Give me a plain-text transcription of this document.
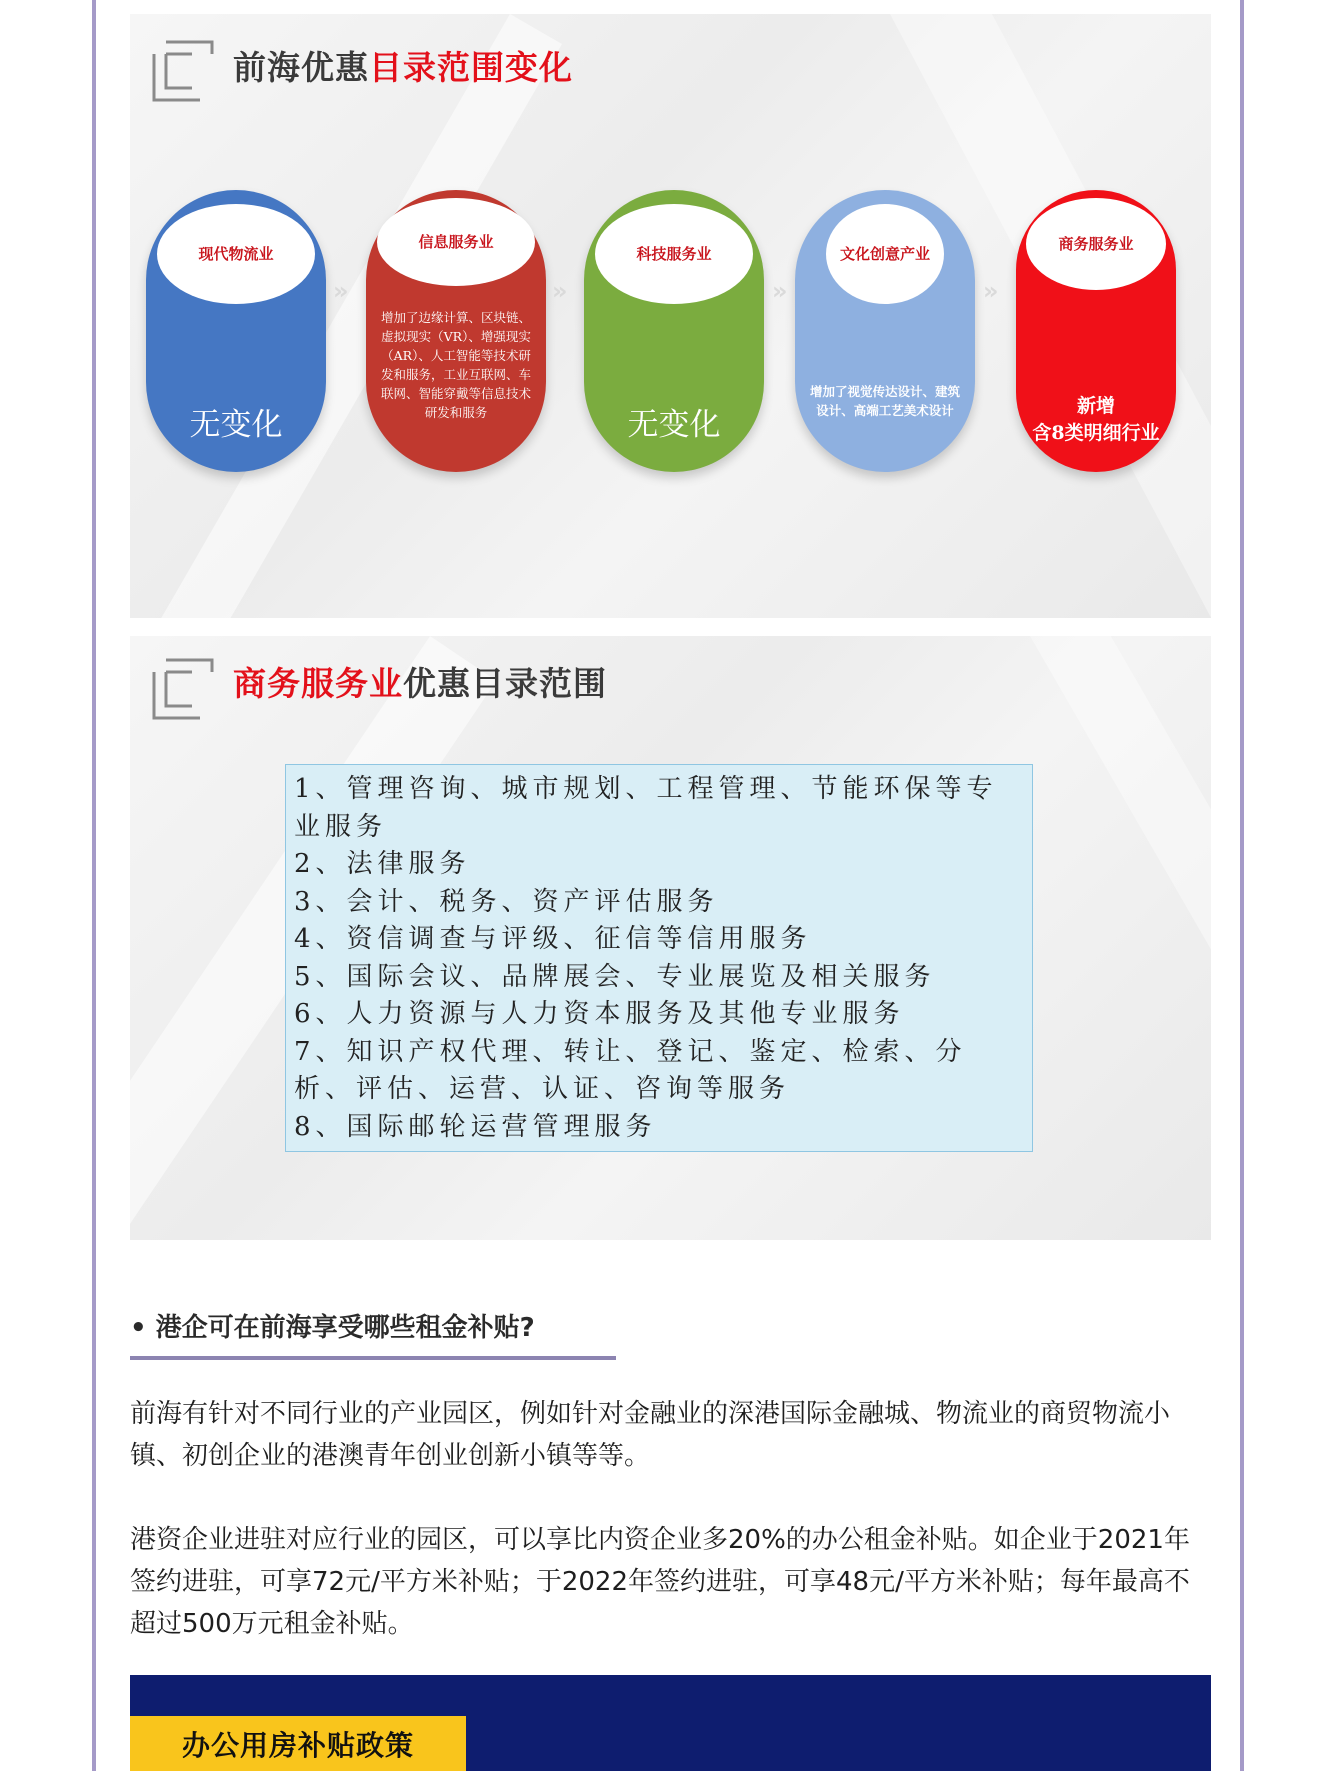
前海优惠目录范围变化
现代物流业
无变化
»
信息服务业
增加了边缘计算、区块链、虚拟现实（VR）、增强现实（AR）、人工智能等技术研发和服务，工业互联网、车联网、智能穿戴等信息技术研发和服务
»
科技服务业
无变化
»
文化创意产业
增加了视觉传达设计、建筑设计、高端工艺美术设计
»
商务服务业
新增
含8类明细行业
商务服务业优惠目录范围
1、管理咨询、城市规划、工程管理、节能环保等专业服务
2、法律服务
3、会计、税务、资产评估服务
4、资信调查与评级、征信等信用服务
5、国际会议、品牌展会、专业展览及相关服务
6、人力资源与人力资本服务及其他专业服务
7、知识产权代理、转让、登记、鉴定、检索、分析、评估、运营、认证、咨询等服务
8、国际邮轮运营管理服务
• 港企可在前海享受哪些租金补贴?
前海有针对不同行业的产业园区，例如针对金融业的深港国际金融城、物流业的商贸物流小镇、初创企业的港澳青年创业创新小镇等等。
港资企业进驻对应行业的园区，可以享比内资企业多20%的办公租金补贴。如企业于2021年签约进驻，可享72元/平方米补贴；于2022年签约进驻，可享48元/平方米补贴；每年最高不超过500万元租金补贴。
办公用房补贴政策
